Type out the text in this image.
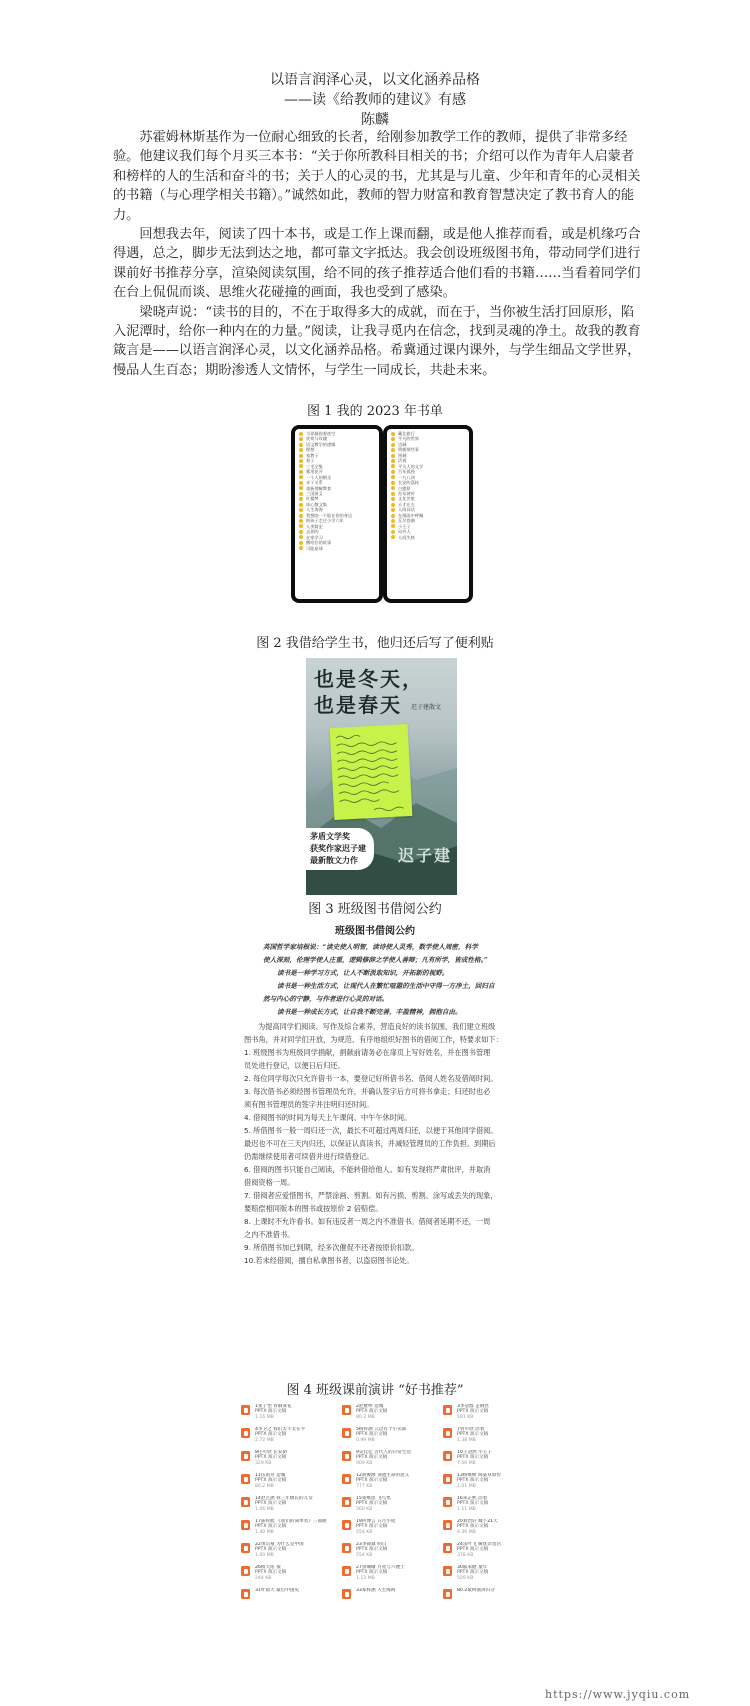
以语言润泽心灵，以文化涵养品格
——读《给教师的建议》有感
陈麟

苏霍姆林斯基作为一位耐心细致的长者，给刚参加教学工作的教师，提供了非常多经验。他建议我们每个月买三本书：“关于你所教科目相关的书；介绍可以作为青年人启蒙者和榜样的人的生活和奋斗的书；关于人的心灵的书，尤其是与儿童、少年和青年的心灵相关的书籍（与心理学相关书籍）。”诚然如此，教师的智力财富和教育智慧决定了教书育人的能力。

回想我去年，阅读了四十本书，或是工作上课而翻，或是他人推荐而看，或是机缘巧合得遇，总之，脚步无法到达之地，都可靠文字抵达。我会创设班级图书角，带动同学们进行课前好书推荐分享，渲染阅读氛围，给不同的孩子推荐适合他们看的书籍……当看着同学们在台上侃侃而谈、思维火花碰撞的画面，我也受到了感染。

梁晓声说：“读书的目的，不在于取得多大的成就，而在于，当你被生活打回原形，陷入泥潭时，给你一种内在的力量。”阅读，让我寻觅内在信念，找到灵魂的净土。故我的教育箴言是——以语言润泽心灵，以文化涵养品格。希冀通过课内课外，与学生细品文学世界，慢品人生百态；期盼渗透人文情怀，与学生一同成长，共赴未来。

图 1 我的 2023 年书单
当你凝视着夜空
夜莺与玫瑰
语文教学的逻辑
理想
家教子
督子
三毛全集
雾里花开
一个人的朝圣
亲子关系
重新理解教育
三国演义
红楼梦
冰心散文集
人生海海
我想陪一个能在你的身边
陪孩子走过小学六年
人类简史
去你的
在家学习
撒哈拉的故事
可能星球
藏北旅行
平凡的世界
边城
明朝那些事
围城
活着
平凡人的文学
百年孤独
一九八四
长安的荔枝
白鹿原
苏东坡传
文化苦旅
天才在左
人间词话
在细雨中呼喊
瓦尔登湖
小王子
局外人
人间失格
图 2 我借给学生书，他归还后写了便利贴
也是冬天，
也是春天	迟子建散文
茅盾文学奖
获奖作家迟子建
最新散文力作	迟子建
图 3 班级图书借阅公约
班级图书借阅公约
英国哲学家培根说：“读史使人明智，读诗使人灵秀，数学使人周密，科学
使人深刻，伦理学使人庄重，逻辑修辞之学使人善辩；凡有所学，皆成性格。”
读书是一种学习方式，让人不断汲取知识，开拓新的视野。
读书是一种生活方式，让现代人在繁忙喧嚣的生活中守得一方净土，回归自
然与内心的宁静，与作者进行心灵的对话。
读书是一种成长方式，让自我不断完善，丰盈精神，拥抱自由。
为提高同学们阅读、写作及综合素养，营造良好的读书氛围，我们建立班级
图书角，并对同学们开放，为规范、有序地组织好图书的借阅工作，特要求如下：
1. 班级图书为班级同学捐献，捐献前请务必在扉页上写好姓名，并在图书管理
员处进行登记，以便日后归还。
2. 每位同学每次只允许借书一本，要登记好所借书名、借阅人姓名及借阅时间。
3. 每次借书必须经图书管理员允许，并确认签字后方可将书拿走；归还时也必
须有图书管理员的签字并注明归还时间。
4. 借阅图书的时间为每天上午课间、中午午休时间。
5. 所借图书一般一周归还一次，最长不可超过两周归还，以便于其他同学借阅。
最迟也不可在三天内归还，以保证认真读书，并减轻管理员的工作负担。到期后
仍需继续使用者可续借并进行续借登记。
6. 借阅的图书只能自己阅读，不能转借给他人。如有发现将严肃批评，并取消
借阅资格一周。
7. 借阅者应爱惜图书，严禁涂画、剪割。如有污损、剪割、涂写或丢失的现象，
要赔偿相同版本的图书或按原价 2 倍赔偿。
8. 上课时不允许看书。如有违反者一周之内不准借书。借阅者延期不还，一周
之内不准借书。
9. 所借图书加已到期，经多次催促不还者按原价扣款。
10.若未经借阅，擅自私拿图书者，以盗窃图书论处。
图 4 班级课前演讲 “好书推荐”
1张子怡 青铜葵花
PPTX 演示文稿
1.16 MB
2赵雅婷 边城
PPTX 演示文稿
80.2 MB
3李冠群 走钢丝
PPTX 演示文稿
181 KB
4李卫之 我们太不太在乎
PPTX 演示文稿
2.72 MB
5杨梓涵 云边有个小卖部
PPTX 演示文稿
0.99 MB
7曾可欣 活着
PPTX 演示文稿
1.38 MB
8任可欣 长安街
PPTX 演示文稿
329 KB
9吴佳佳 古代人的日常生活
PPTX 演示文稿
909 KB
10王冠然 小王子
PPTX 演示文稿
7.56 MB
11伍雨舟 边城
PPTX 演示文稿
80.2 MB
12胡俊源 顶流生命的意义
PPTX 演示文稿
777 KB
13杨维桢 海棠草原传
PPTX 演示文稿
1.01 MB
14赵艺涵 我三年级长的儿女
PPTX 演示文稿
1.06 MB
15张维恩 飞鸟集
PPTX 演示文稿
560 KB
16朱芷熙 活着
PPTX 演示文稿
1.11 MB
17陈梓航 《我们的简单者》三部曲
PPTX 演示文稿
1.40 MB
19何博言 五月小屋
PPTX 演示文稿
554 KB
20刘治轩 城下21天
PPTX 演示文稿
4.36 MB
22黄宗豪 为什么是中国
PPTX 演示文稿
1.00 MB
23李锦诚 明日
PPTX 演示文稿
554 KB
24雷叶飞 解忧杂货店
PPTX 演示文稿
378 KB
26杨天佑 狼
PPTX 演示文稿
244 KB
27鲁珊珊 月亮与六便士
PPTX 演示文稿
1.13 MB
30戚家健 童年
PPTX 演示文稿
509 KB
31叶晨天 最后中国史	33郑梓涵 人生海海	80.2最终演讲归分
https://www.jyqiu.com
